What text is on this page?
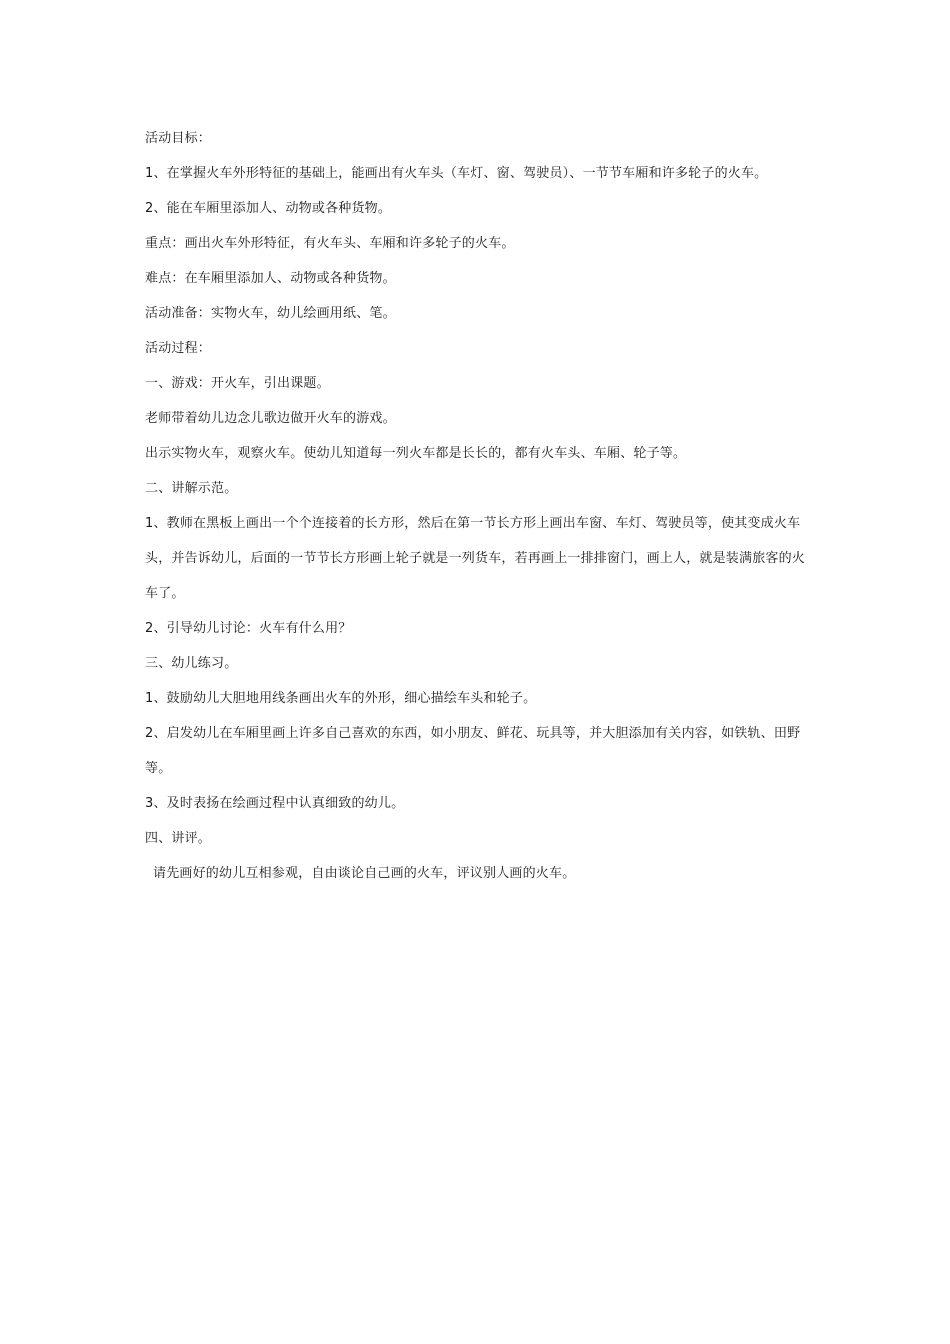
活动目标：

1、在掌握火车外形特征的基础上，能画出有火车头（车灯、窗、驾驶员）、一节节车厢和许多轮子的火车。

2、能在车厢里添加人、动物或各种货物。

重点：画出火车外形特征，有火车头、车厢和许多轮子的火车。

难点：在车厢里添加人、动物或各种货物。

活动准备：实物火车，幼儿绘画用纸、笔。

活动过程：

一、游戏：开火车，引出课题。

老师带着幼儿边念儿歌边做开火车的游戏。

出示实物火车，观察火车。使幼儿知道每一列火车都是长长的，都有火车头、车厢、轮子等。

二、讲解示范。

1、教师在黑板上画出一个个连接着的长方形，然后在第一节长方形上画出车窗、车灯、驾驶员等，使其变成火车头，并告诉幼儿，后面的一节节长方形画上轮子就是一列货车，若再画上一排排窗门，画上人，就是装满旅客的火车了。

2、引导幼儿讨论：火车有什么用？

三、幼儿练习。

1、鼓励幼儿大胆地用线条画出火车的外形，细心描绘车头和轮子。

2、启发幼儿在车厢里画上许多自己喜欢的东西，如小朋友、鲜花、玩具等，并大胆添加有关内容，如铁轨、田野等。

3、及时表扬在绘画过程中认真细致的幼儿。

四、讲评。

请先画好的幼儿互相参观，自由谈论自己画的火车，评议别人画的火车。
